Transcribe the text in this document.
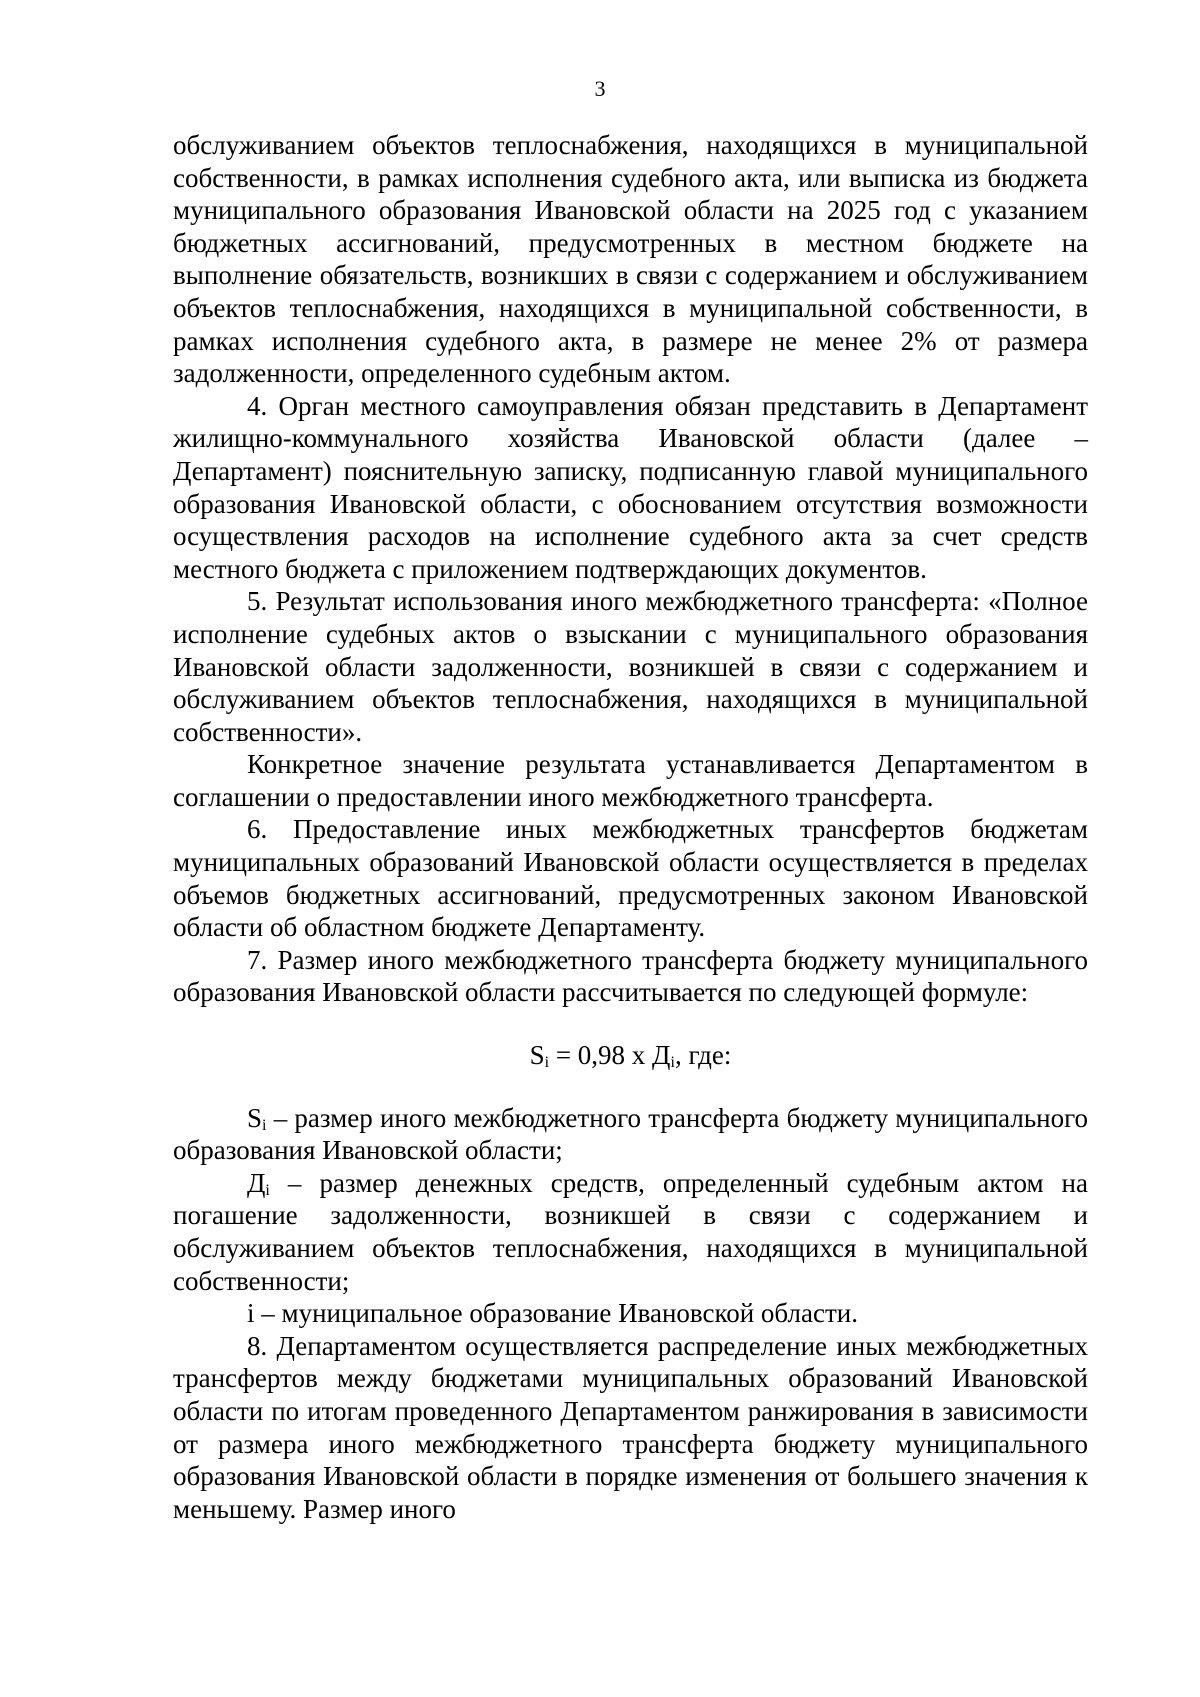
3

обслуживанием объектов теплоснабжения, находящихся в муниципальной собственности, в рамках исполнения судебного акта, или выписка из бюджета муниципального образования Ивановской области на 2025 год с указанием бюджетных ассигнований, предусмотренных в местном бюджете на выполнение обязательств, возникших в связи с содержанием и обслуживанием объектов теплоснабжения, находящихся в муниципальной собственности, в рамках исполнения судебного акта, в размере не менее 2% от размера задолженности, определенного судебным актом.

4. Орган местного самоуправления обязан представить в Департамент жилищно-коммунального хозяйства Ивановской области (далее – Департамент) пояснительную записку, подписанную главой муниципального образования Ивановской области, с обоснованием отсутствия возможности осуществления расходов на исполнение судебного акта за счет средств местного бюджета с приложением подтверждающих документов.

5. Результат использования иного межбюджетного трансферта: «Полное исполнение судебных актов о взыскании с муниципального образования Ивановской области задолженности, возникшей в связи с содержанием и обслуживанием объектов теплоснабжения, находящихся в муниципальной собственности».

Конкретное значение результата устанавливается Департаментом в соглашении о предоставлении иного межбюджетного трансферта.

6. Предоставление иных межбюджетных трансфертов бюджетам муниципальных образований Ивановской области осуществляется в пределах объемов бюджетных ассигнований, предусмотренных законом Ивановской области об областном бюджете Департаменту.

7. Размер иного межбюджетного трансферта бюджету муниципального образования Ивановской области рассчитывается по следующей формуле:

$S_i = 0,98$ x $Д_i$, где:

$S_i$ – размер иного межбюджетного трансферта бюджету муниципального образования Ивановской области;

$Д_i$ – размер денежных средств, определенный судебным актом на погашение задолженности, возникшей в связи с содержанием и обслуживанием объектов теплоснабжения, находящихся в муниципальной собственности;

i – муниципальное образование Ивановской области.

8. Департаментом осуществляется распределение иных межбюджетных трансфертов между бюджетами муниципальных образований Ивановской области по итогам проведенного Департаментом ранжирования в зависимости от размера иного межбюджетного трансферта бюджету муниципального образования Ивановской области в порядке изменения от большего значения к меньшему. Размер иного
